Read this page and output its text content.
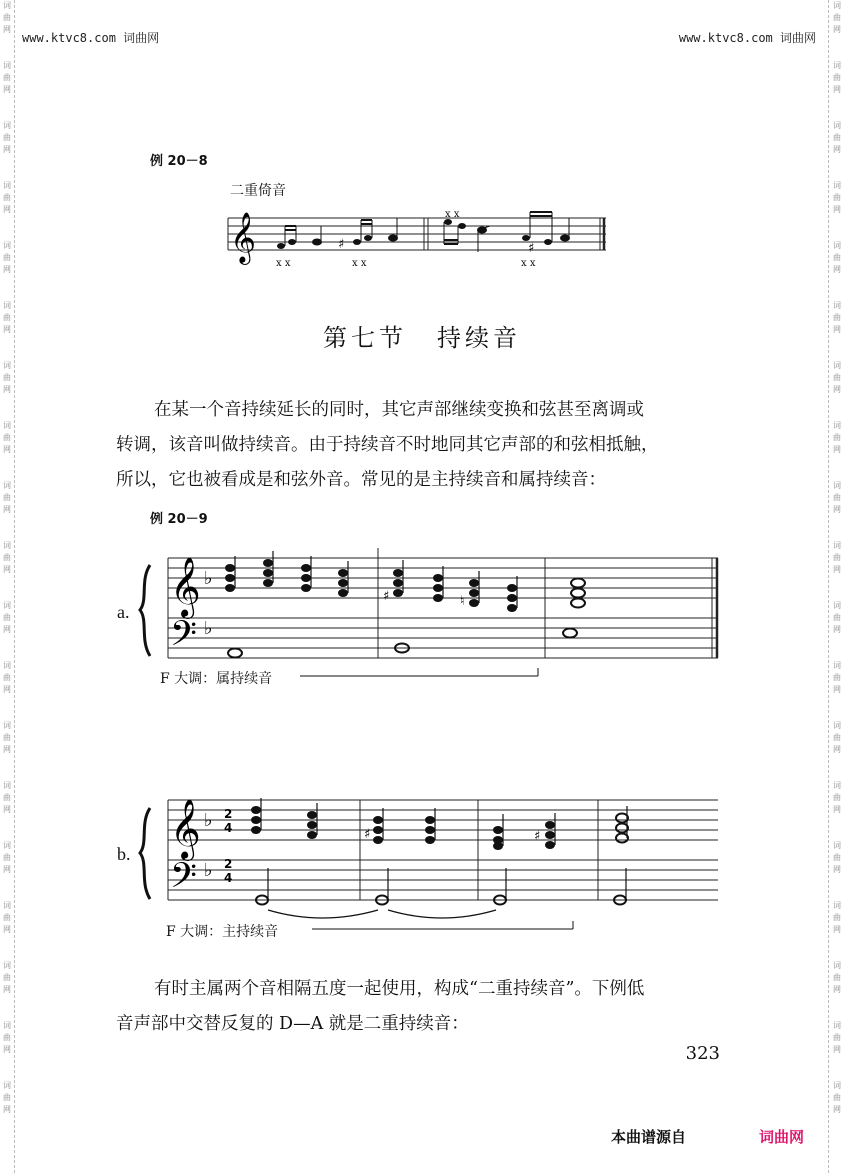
词
曲
网
词
曲
网
词
曲
网
词
曲
网
词
曲
网
词
曲
网
词
曲
网
词
曲
网
词
曲
网
词
曲
网
词
曲
网
词
曲
网
词
曲
网
词
曲
网
词
曲
网
词
曲
网
词
曲
网
词
曲
网
词
曲
网
词
曲
网
词
曲
网
词
曲
网
词
曲
网
词
曲
网
词
曲
网
词
曲
网
词
曲
网
词
曲
网
词
曲
网
词
曲
网
词
曲
网
词
曲
网
词
曲
网
词
曲
网
词
曲
网
词
曲
网
词
曲
网
词
曲
网
www.ktvc8.com 词曲网	www.ktvc8.com 词曲网
例 20－8
二重倚音
𝄞	♯	♯
𝄞
𝄢
♭
♭
♯	♮
𝄞
𝄢
♭
♭
2
4
2
4
♯	♯
x x	x x
x x
x x
第七节 持续音

在某一个音持续延长的同时，其它声部继续变换和弦甚至离调或

转调，该音叫做持续音。由于持续音不时地同其它声部的和弦相抵触，

所以，它也被看成是和弦外音。常见的是主持续音和属持续音：

例 20－9
a.
F 大调：属持续音
b.
F 大调：主持续音

有时主属两个音相隔五度一起使用，构成“二重持续音”。下例低

音声部中交替反复的 D—A 就是二重持续音：

323
本曲谱源自	词曲网
